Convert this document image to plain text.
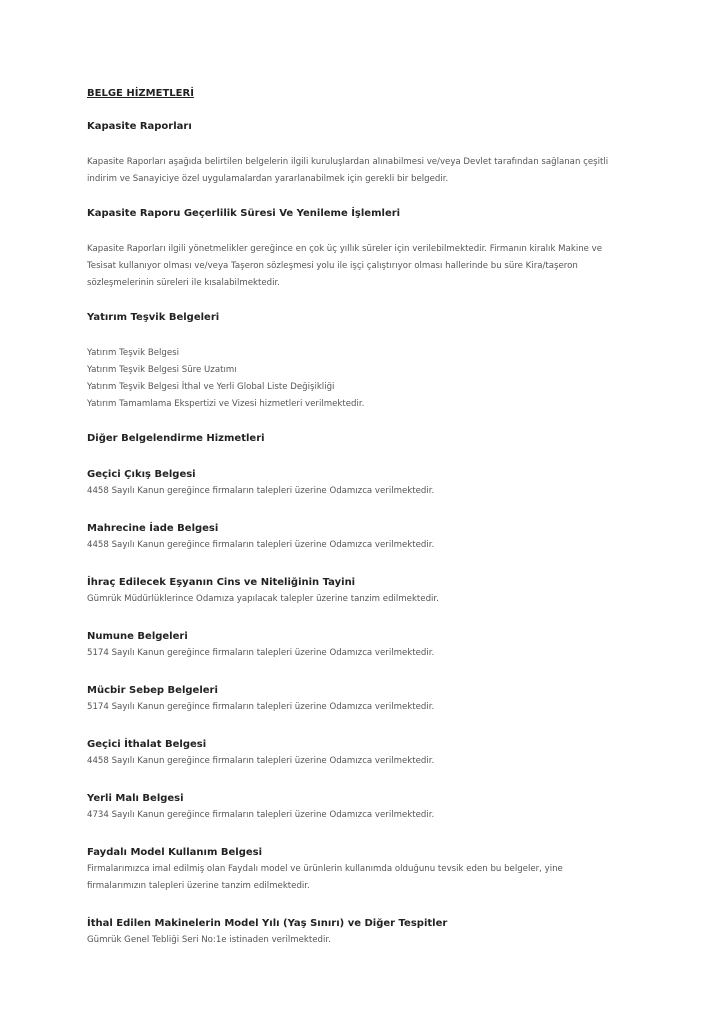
BELGE HİZMETLERİ
Kapasite Raporları
Kapasite Raporları aşağıda belirtilen belgelerin ilgili kuruluşlardan alınabilmesi ve/veya Devlet tarafından sağlanan çeşitli
indirim ve Sanayiciye özel uygulamalardan yararlanabilmek için gerekli bir belgedir.
Kapasite Raporu Geçerlilik Süresi Ve Yenileme İşlemleri
Kapasite Raporları ilgili yönetmelikler gereğince en çok üç yıllık süreler için verilebilmektedir. Firmanın kiralık Makine ve
Tesisat kullanıyor olması ve/veya Taşeron sözleşmesi yolu ile işçi çalıştırıyor olması hallerinde bu süre Kira/taşeron
sözleşmelerinin süreleri ile kısalabilmektedir.
Yatırım Teşvik Belgeleri
Yatırım Teşvik Belgesi
Yatırım Teşvik Belgesi Süre Uzatımı
Yatırım Teşvik Belgesi İthal ve Yerli Global Liste Değişikliği
Yatırım Tamamlama Ekspertizi ve Vizesi hizmetleri verilmektedir.
Diğer Belgelendirme Hizmetleri
Geçici Çıkış Belgesi
4458 Sayılı Kanun gereğince firmaların talepleri üzerine Odamızca verilmektedir.
Mahrecine İade Belgesi
4458 Sayılı Kanun gereğince firmaların talepleri üzerine Odamızca verilmektedir.
İhraç Edilecek Eşyanın Cins ve Niteliğinin Tayini
Gümrük Müdürlüklerince Odamıza yapılacak talepler üzerine tanzim edilmektedir.
Numune Belgeleri
5174 Sayılı Kanun gereğince firmaların talepleri üzerine Odamızca verilmektedir.
Mücbir Sebep Belgeleri
5174 Sayılı Kanun gereğince firmaların talepleri üzerine Odamızca verilmektedir.
Geçici İthalat Belgesi
4458 Sayılı Kanun gereğince firmaların talepleri üzerine Odamızca verilmektedir.
Yerli Malı Belgesi
4734 Sayılı Kanun gereğince firmaların talepleri üzerine Odamızca verilmektedir.
Faydalı Model Kullanım Belgesi
Firmalarımızca imal edilmiş olan Faydalı model ve ürünlerin kullanımda olduğunu tevsik eden bu belgeler, yine
firmalarımızın talepleri üzerine tanzim edilmektedir.
İthal Edilen Makinelerin Model Yılı (Yaş Sınırı) ve Diğer Tespitler
Gümrük Genel Tebliği Seri No:1e istinaden verilmektedir.
